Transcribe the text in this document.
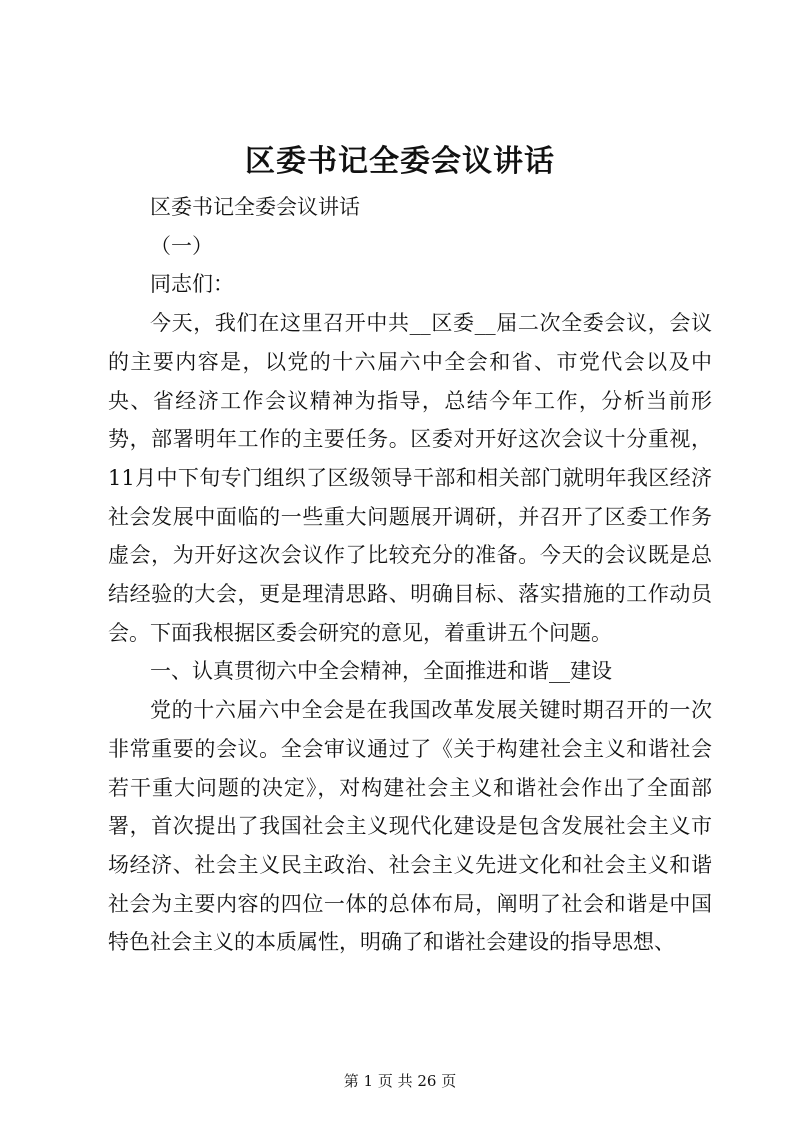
区委书记全委会议讲话

区委书记全委会议讲话

（一）

同志们：

今天，我们在这里召开中共__区委__届二次全委会议，会议的主要内容是，以党的十六届六中全会和省、市党代会以及中央、省经济工作会议精神为指导，总结今年工作，分析当前形势，部署明年工作的主要任务。区委对开好这次会议十分重视，11月中下旬专门组织了区级领导干部和相关部门就明年我区经济社会发展中面临的一些重大问题展开调研，并召开了区委工作务虚会，为开好这次会议作了比较充分的准备。今天的会议既是总结经验的大会，更是理清思路、明确目标、落实措施的工作动员会。下面我根据区委会研究的意见，着重讲五个问题。

一、认真贯彻六中全会精神，全面推进和谐__建设

党的十六届六中全会是在我国改革发展关键时期召开的一次非常重要的会议。全会审议通过了《关于构建社会主义和谐社会若干重大问题的决定》，对构建社会主义和谐社会作出了全面部署，首次提出了我国社会主义现代化建设是包含发展社会主义市场经济、社会主义民主政治、社会主义先进文化和社会主义和谐社会为主要内容的四位一体的总体布局，阐明了社会和谐是中国特色社会主义的本质属性，明确了和谐社会建设的指导思想、

第 1 页 共 26 页
